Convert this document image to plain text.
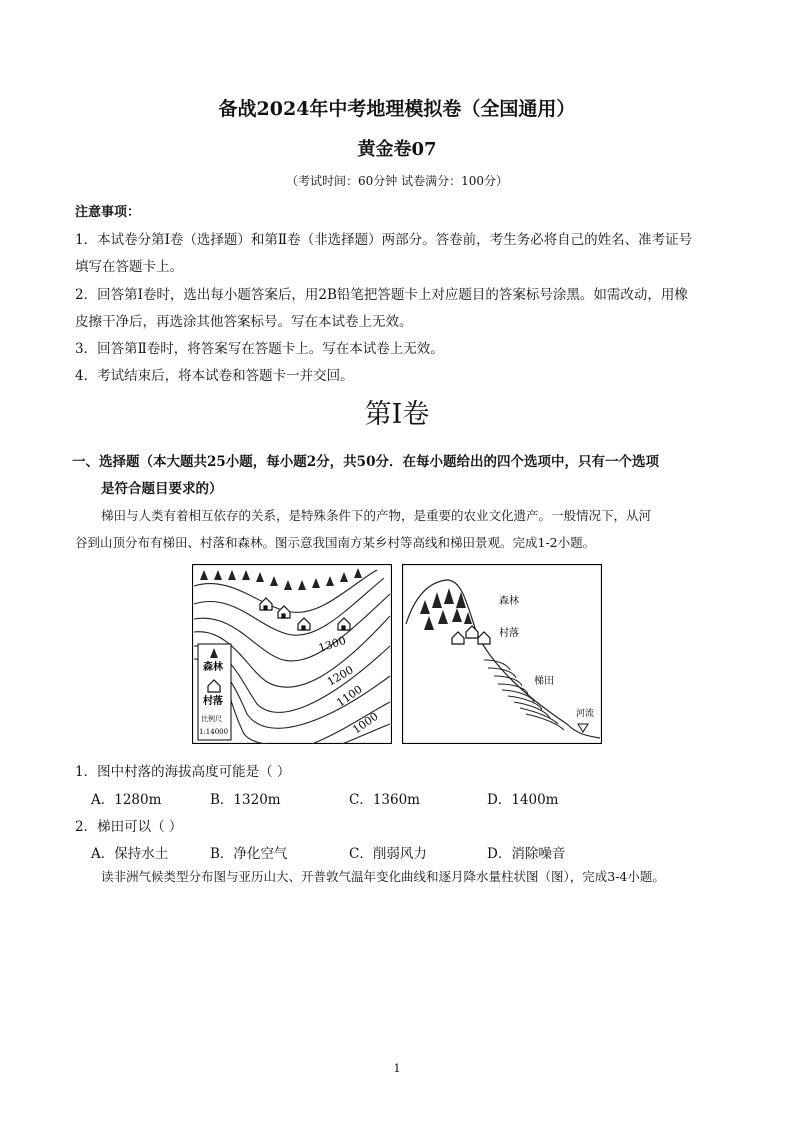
备战2024年中考地理模拟卷（全国通用）
黄金卷07
（考试时间：60分钟 试卷满分：100分）
注意事项：
1．本试卷分第Ⅰ卷（选择题）和第Ⅱ卷（非选择题）两部分。答卷前，考生务必将自己的姓名、准考证号
填写在答题卡上。
2．回答第Ⅰ卷时，选出每小题答案后，用2B铅笔把答题卡上对应题目的答案标号涂黑。如需改动，用橡
皮擦干净后，再选涂其他答案标号。写在本试卷上无效。
3．回答第Ⅱ卷时，将答案写在答题卡上。写在本试卷上无效。
4．考试结束后，将本试卷和答题卡一并交回。
第Ⅰ卷
一、选择题（本大题共25小题，每小题2分，共50分．在每小题给出的四个选项中，只有一个选项
是符合题目要求的）
梯田与人类有着相互依存的关系，是特殊条件下的产物，是重要的农业文化遗产。一般情况下，从河
谷到山顶分布有梯田、村落和森林。图示意我国南方某乡村等高线和梯田景观。完成1-2小题。
1300
1200
1100
1000
森林
村落
比例尺
1:14000
森林
村落
梯田
河流
1．图中村落的海拔高度可能是（ ）
A．1280m	B．1320m	C．1360m	D．1400m
2．梯田可以（ ）
A．保持水土	B．净化空气	C．削弱风力	D．消除噪音
读非洲气候类型分布图与亚历山大、开普敦气温年变化曲线和逐月降水量柱状图（图），完成3-4小题。
1
